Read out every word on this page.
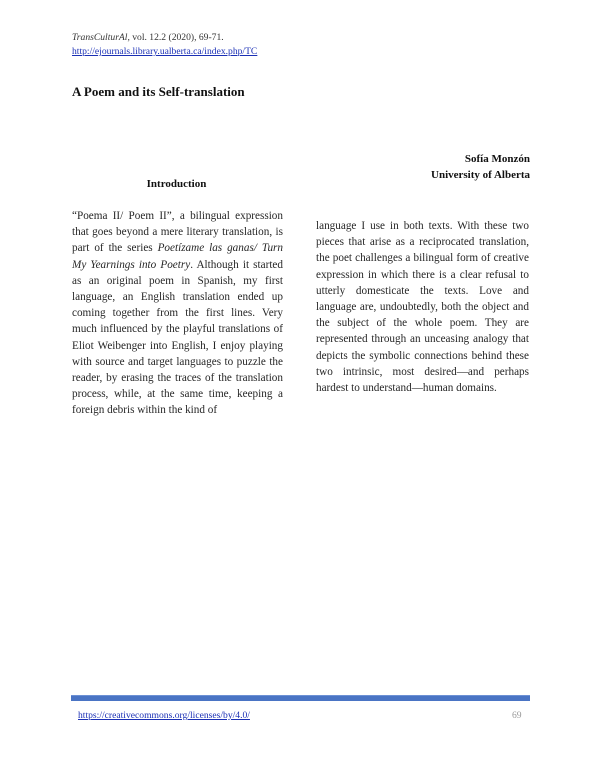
TransCulturAl, vol. 12.2 (2020), 69-71.
http://ejournals.library.ualberta.ca/index.php/TC
A Poem and its Self-translation
Sofía Monzón
University of Alberta
Introduction

“Poema II/ Poem II”, a bilingual expression that goes beyond a mere literary translation, is part of the series Poetízame las ganas/ Turn My Yearnings into Poetry. Although it started as an original poem in Spanish, my first language, an English translation ended up coming together from the first lines. Very much influenced by the playful translations of Eliot Weibenger into English, I enjoy playing with source and target languages to puzzle the reader, by erasing the traces of the translation process, while, at the same time, keeping a foreign debris within the kind of

language I use in both texts. With these two pieces that arise as a reciprocated translation, the poet challenges a bilingual form of creative expression in which there is a clear refusal to utterly domesticate the texts. Love and language are, undoubtedly, both the object and the subject of the whole poem. They are represented through an unceasing analogy that depicts the symbolic connections behind these two intrinsic, most desired—and perhaps hardest to understand—human domains.

https://creativecommons.org/licenses/by/4.0/	69
